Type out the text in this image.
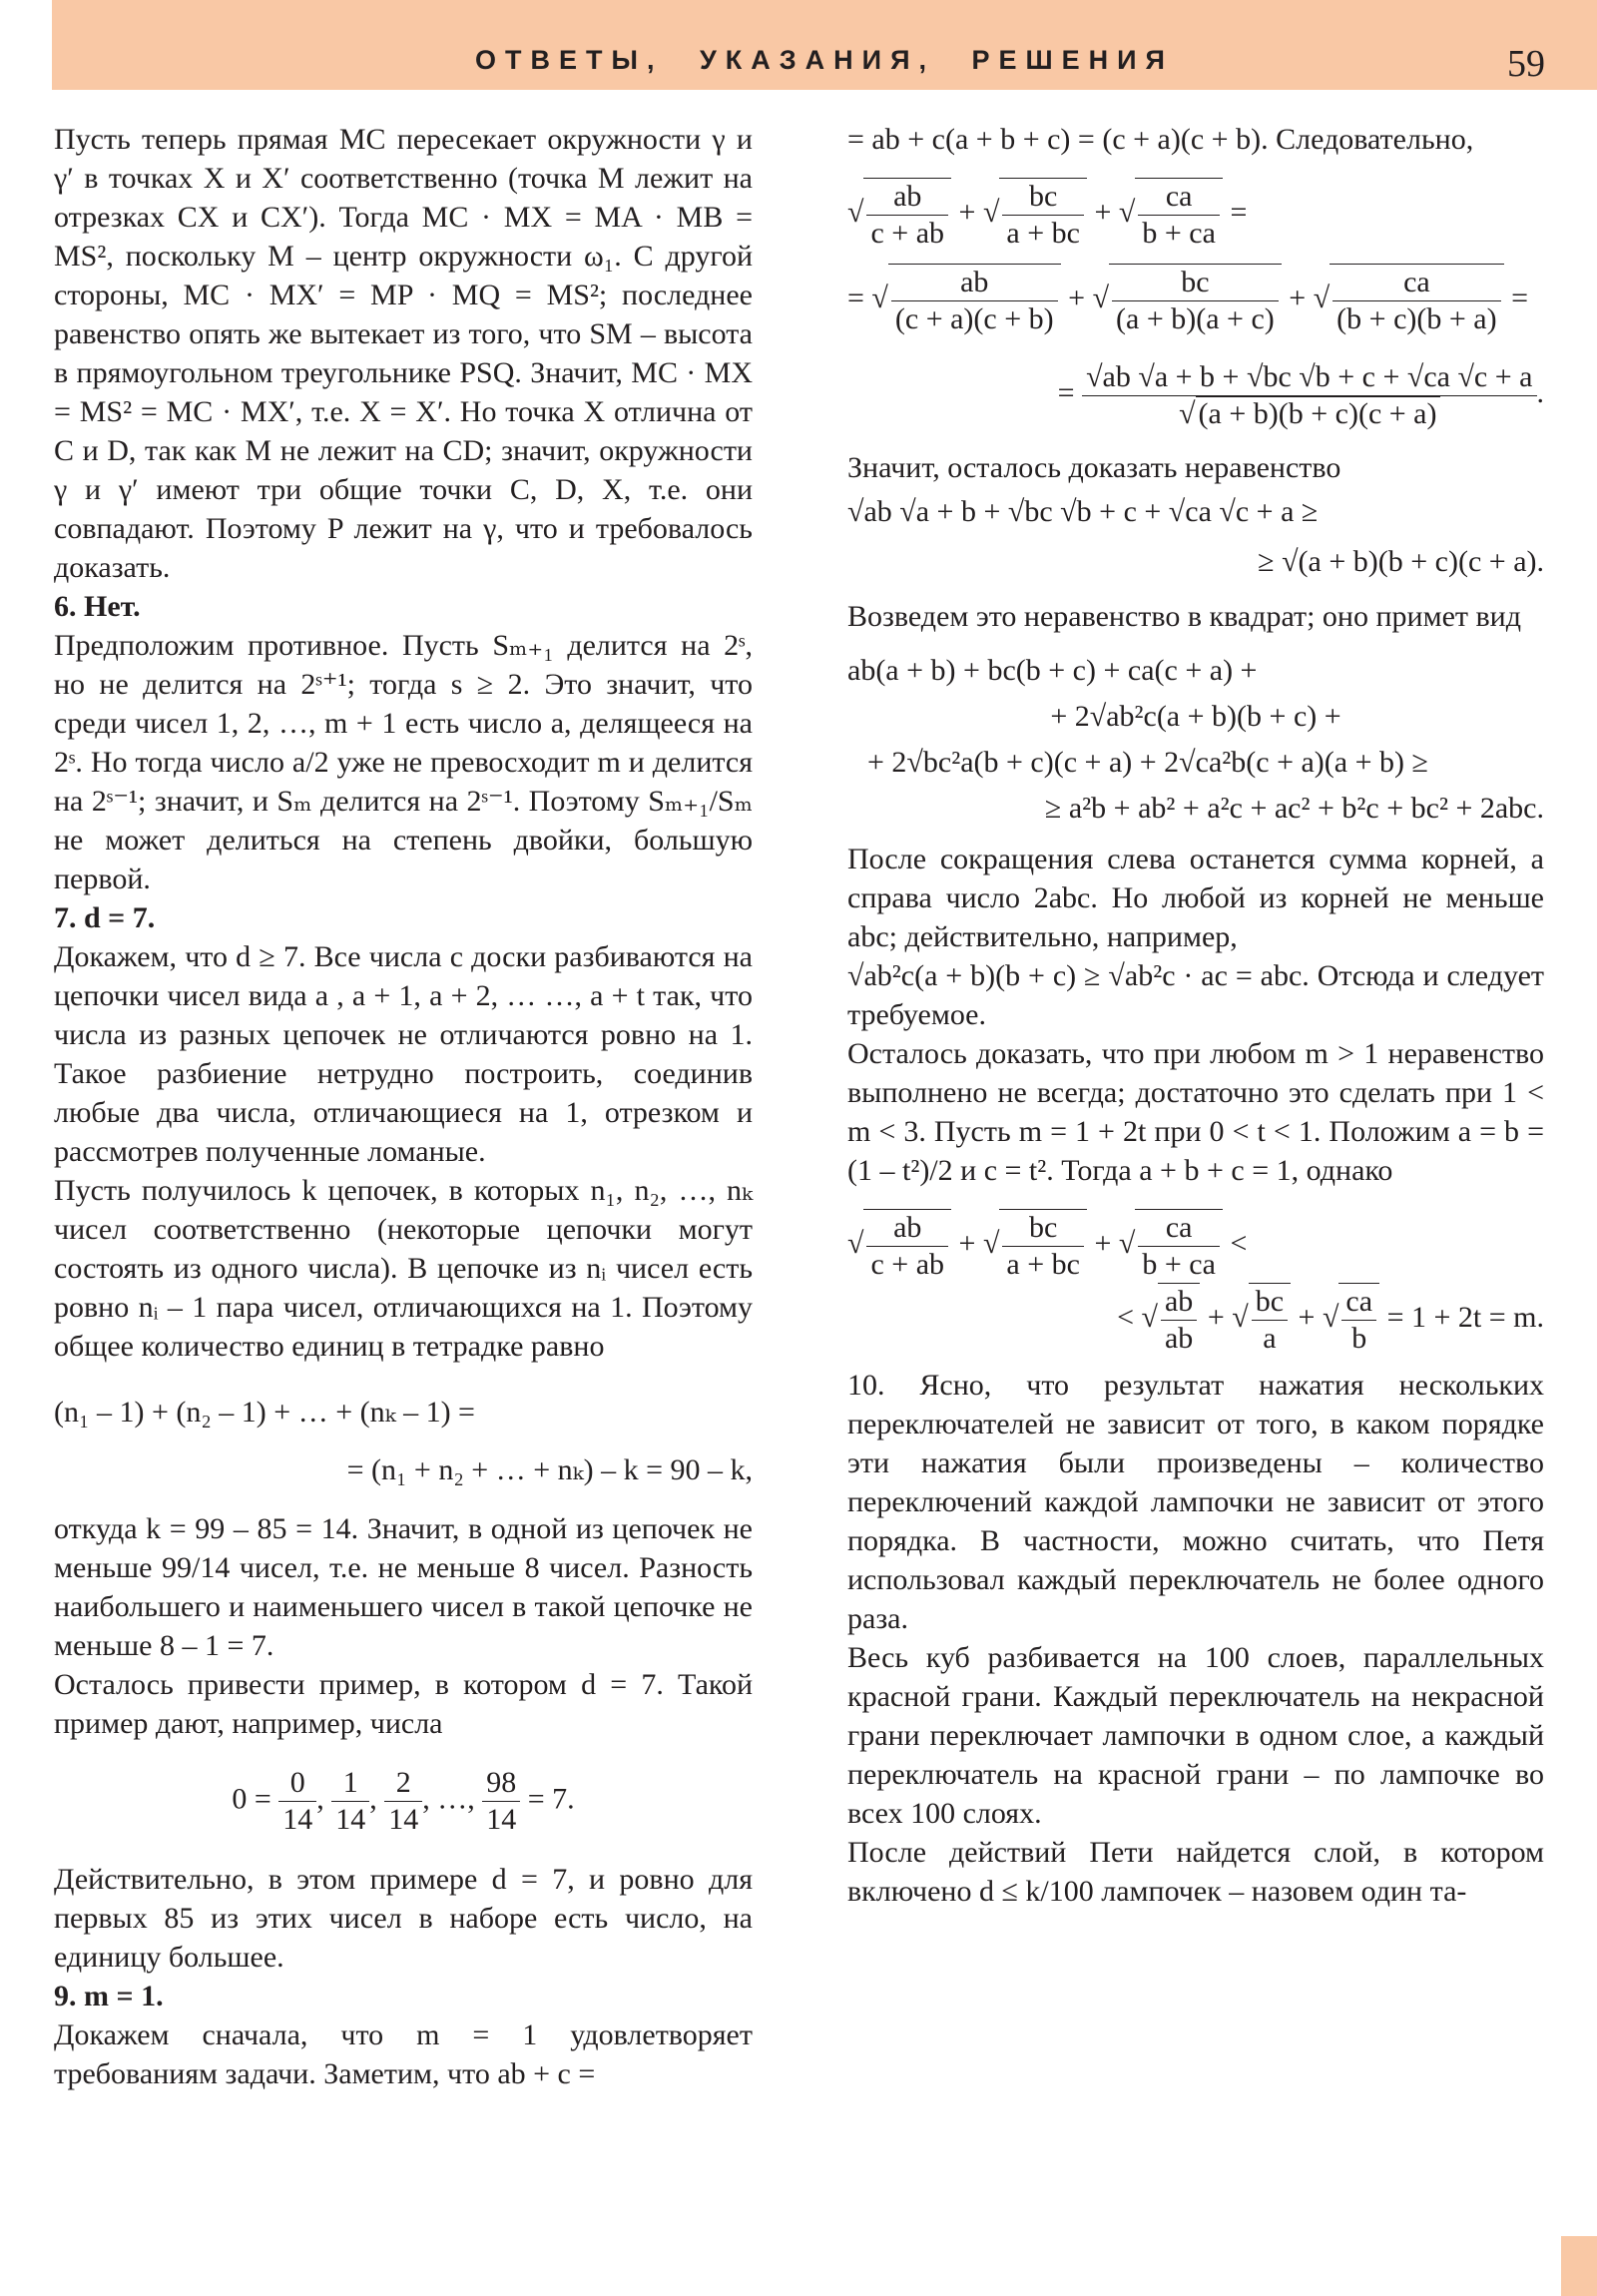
ОТВЕТЫ, УКАЗАНИЯ, РЕШЕНИЯ	59

Пусть теперь прямая MC пересекает окружности γ и γ′ в точках X и X′ соответственно (точка M лежит на отрезках CX и CX′). Тогда MC · MX = MA · MB = MS², поскольку M – центр окружности ω₁. С другой стороны, MC · MX′ = MP · MQ = MS²; последнее равенство опять же вытекает из того, что SM – высота в прямоугольном треугольнике PSQ. Значит, MC · MX = MS² = MC · MX′, т.е. X = X′. Но точка X отлична от C и D, так как M не лежит на CD; значит, окружности γ и γ′ имеют три общие точки C, D, X, т.е. они совпадают. Поэтому P лежит на γ, что и требовалось доказать.

6. Нет.

Предположим противное. Пусть Sₘ₊₁ делится на 2ˢ, но не делится на 2ˢ⁺¹; тогда s ≥ 2. Это значит, что среди чисел 1, 2, …, m + 1 есть число a, делящееся на 2ˢ. Но тогда число a/2 уже не превосходит m и делится на 2ˢ⁻¹; значит, и Sₘ делится на 2ˢ⁻¹. Поэтому Sₘ₊₁/Sₘ не может делиться на степень двойки, большую первой.

7. d = 7.

Докажем, что d ≥ 7. Все числа с доски разбиваются на цепочки чисел вида a , a + 1, a + 2, … …, a + t так, что числа из разных цепочек не отличаются ровно на 1. Такое разбиение нетрудно построить, соединив любые два числа, отличающиеся на 1, отрезком и рассмотрев полученные ломаные.

Пусть получилось k цепочек, в которых n₁, n₂, …, nₖ чисел соответственно (некоторые цепочки могут состоять из одного числа). В цепочке из nᵢ чисел есть ровно nᵢ – 1 пара чисел, отличающихся на 1. Поэтому общее количество единиц в тетрадке равно

(n₁ – 1) + (n₂ – 1) + … + (nₖ – 1) =
= (n₁ + n₂ + … + nₖ) – k = 90 – k,

откуда k = 99 – 85 = 14. Значит, в одной из цепочек не меньше 99/14 чисел, т.е. не меньше 8 чисел. Разность наибольшего и наименьшего чисел в такой цепочке не меньше 8 – 1 = 7.

Осталось привести пример, в котором d = 7. Такой пример дают, например, числа

$0 = \frac{0}{14}$ , $\frac{1}{14}$ , $\frac{2}{14}$ , …, $\frac{98}{14} = 7$.

Действительно, в этом примере d = 7, и ровно для первых 85 из этих чисел в наборе есть число, на единицу большее.

9. m = 1.

Докажем сначала, что m = 1 удовлетворяет требованиям задачи. Заметим, что ab + c =

= ab + c(a + b + c) = (c + a)(c + b). Следовательно,

√ $\frac{ab}{c + ab}$ + √ $\frac{bc}{a + bc}$ + √ $\frac{ca}{b + ca}$ =
= √ $\frac{ab}{(c + a)(c + b)}$ + √ $\frac{bc}{(a + b)(a + c)}$ + √ $\frac{ca}{(b + c)(b + a)}$ =
= $\frac{√ab √a + b + √bc √b + c + √ca √c + a}{√ (a + b)(b + c)(c + a)}$ .

Значит, осталось доказать неравенство

√ab √a + b + √bc √b + c + √ca √c + a ≥
≥ √(a + b)(b + c)(c + a).

Возведем это неравенство в квадрат; оно примет вид

ab(a + b) + bc(b + c) + ca(c + a) +
+ 2√ab²c(a + b)(b + c) +
+ 2√bc²a(b + c)(c + a) + 2√ca²b(c + a)(a + b) ≥
≥ a²b + ab² + a²c + ac² + b²c + bc² + 2abc.

После сокращения слева останется сумма корней, а справа число 2abc. Но любой из корней не меньше abc; действительно, например,

√ab²c(a + b)(b + c) ≥ √ab²c · ac = abc. Отсюда и следует требуемое.

Осталось доказать, что при любом m > 1 неравенство выполнено не всегда; достаточно это сделать при 1 < m < 3. Пусть m = 1 + 2t при 0 < t < 1. Положим a = b = (1 – t²)/2 и c = t². Тогда a + b + c = 1, однако

√ $\frac{ab}{c + ab}$ + √ $\frac{bc}{a + bc}$ + √ $\frac{ca}{b + ca}$ <
< √ $\frac{ab}{ab}$ + √ $\frac{bc}{a}$ + √ $\frac{ca}{b} = 1 + 2t = m$.

10. Ясно, что результат нажатия нескольких переключателей не зависит от того, в каком порядке эти нажатия были произведены – количество переключений каждой лампочки не зависит от этого порядка. В частности, можно считать, что Петя использовал каждый переключатель не более одного раза.

Весь куб разбивается на 100 слоев, параллельных красной грани. Каждый переключатель на некрасной грани переключает лампочки в одном слое, а каждый переключатель на красной грани – по лампочке во всех 100 слоях.

После действий Пети найдется слой, в котором включено d ≤ k/100 лампочек – назовем один та-
